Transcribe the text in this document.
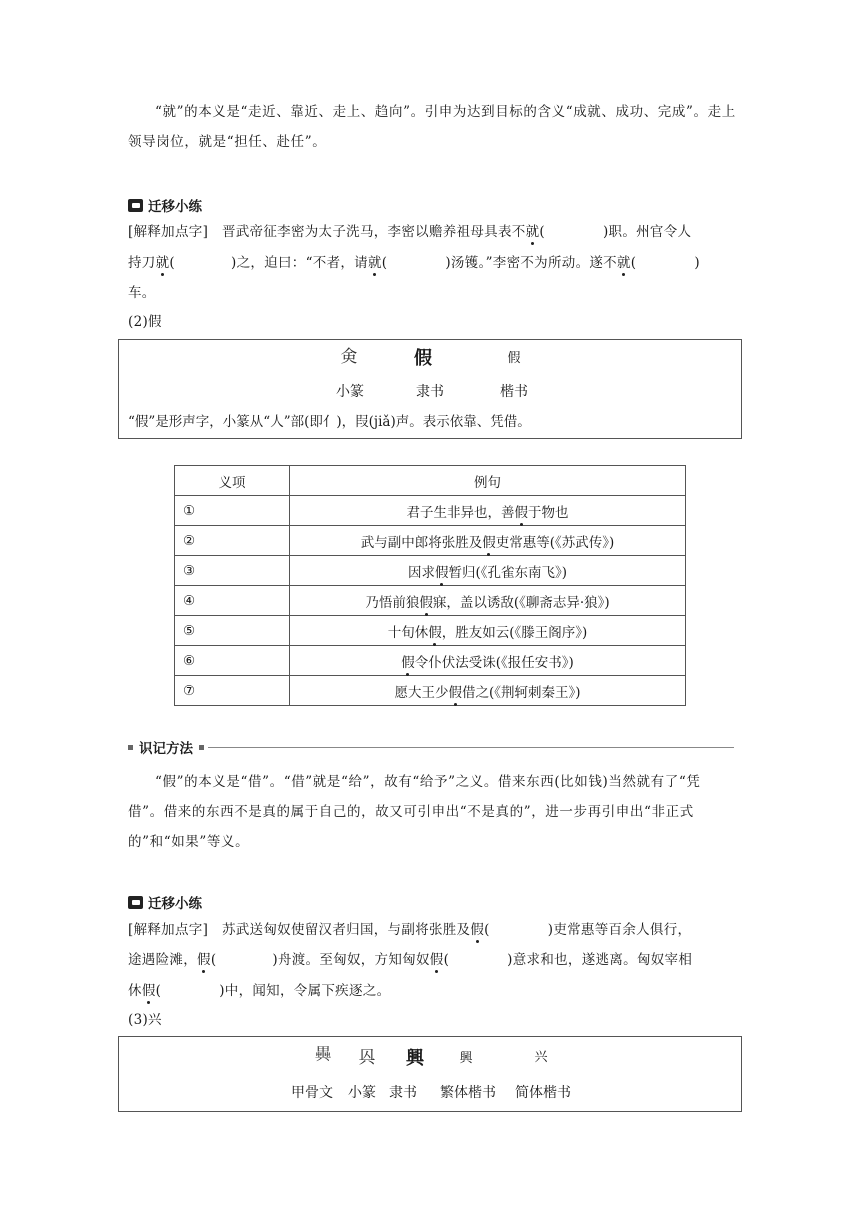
“就”的本义是“走近、靠近、走上、趋向”。引申为达到目标的含义“成就、成功、完成”。走上领导岗位，就是“担任、赴任”。
迁移小练
[解释加点字]　 晋武帝征李密为太子洗马，李密以赡养祖母具表不就(	)职。州官令人
持刀就(	)之，迫曰：“不者，请就(	)汤镬。”李密不为所动。遂不就(	)
车。
(2)假
㑒	假	假
小篆	隶书	楷书
“假”是形声字，小篆从“人”部(即亻)，叚(jiǎ)声。表示依靠、凭借。
义项	例句
①	君子生非异也，善假于物也
②	武与副中郎将张胜及假吏常惠等(《苏武传》)
③	因求假暂归(《孔雀东南飞》)
④	乃悟前狼假寐，盖以诱敌(《聊斋志异·狼》)
⑤	十旬休假，胜友如云(《滕王阁序》)
⑥	假令仆伏法受诛(《报任安书》)
⑦	愿大王少假借之(《荆轲刺秦王》)
识记方法
“假”的本义是“借”。“借”就是“给”，故有“给予”之义。借来东西(比如钱)当然就有了“凭借”。借来的东西不是真的属于自己的，故又可引申出“不是真的”，进一步再引申出“非正式的”和“如果”等义。
迁移小练
[解释加点字]　 苏武送匈奴使留汉者归国，与副将张胜及假(	)吏常惠等百余人俱行，
途遇险滩，假(	)舟渡。至匈奴，方知匈奴假(	)意求和也，遂逃离。匈奴宰相
休假(	)中，闻知，令属下疾逐之。
(3)兴
𠔱	㒷	興	興	兴
甲骨文	小篆 隶书	繁体楷书	简体楷书
